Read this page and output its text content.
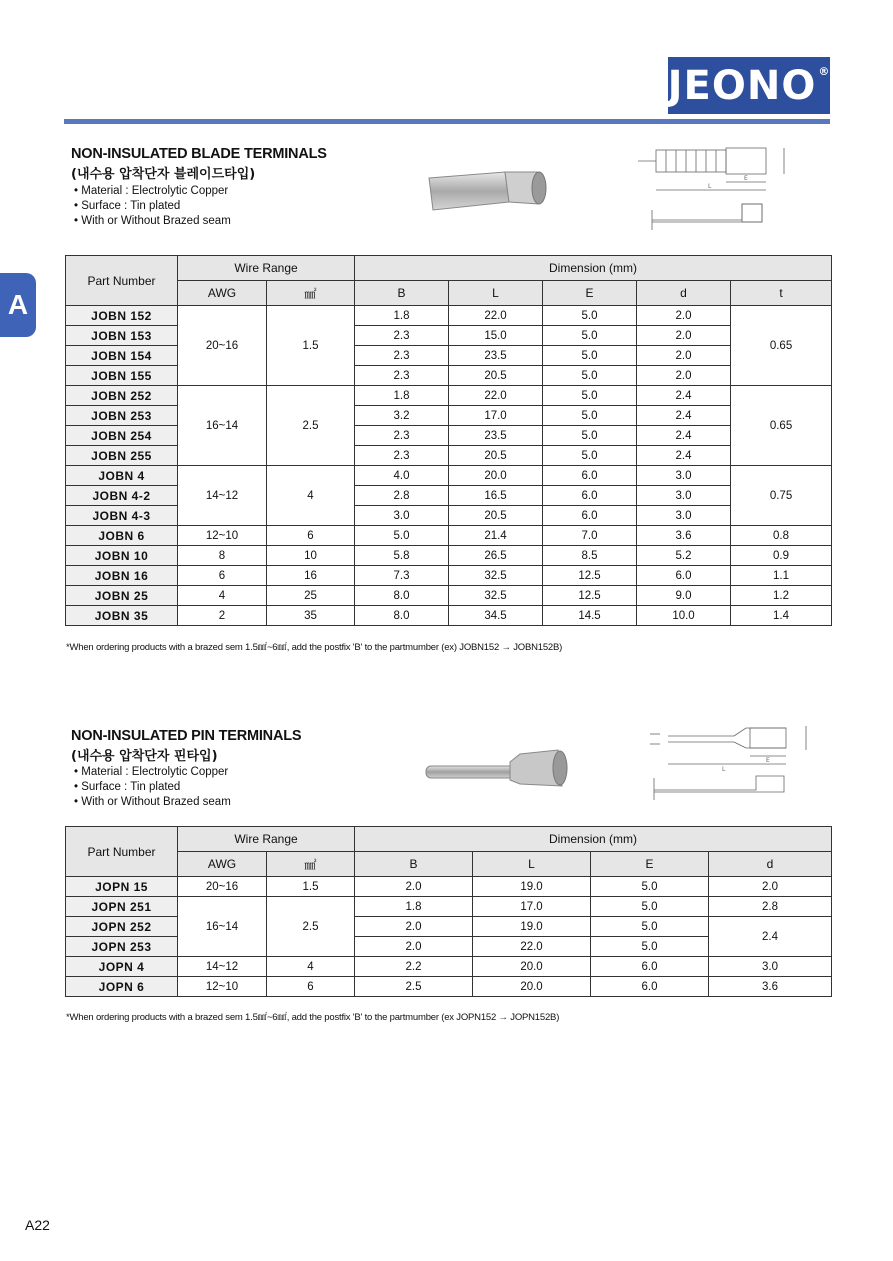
JEONO®
A
NON-INSULATED BLADE TERMINALS
(내수용 압착단자 블레이드타입)
• Material : Electrolytic Copper
• Surface : Tin plated
• With or Without Brazed seam
L
E
Part Number	Wire Range		Dimension (mm)				
	AWG	㎟	B	L	E	d	t
JOBN 152	20~16	1.5	1.8	22.0	5.0	2.0	0.65
JOBN 153			2.3	15.0	5.0	2.0	
JOBN 154			2.3	23.5	5.0	2.0	
JOBN 155			2.3	20.5	5.0	2.0	
JOBN 252	16~14	2.5	1.8	22.0	5.0	2.4	0.65
JOBN 253			3.2	17.0	5.0	2.4	
JOBN 254			2.3	23.5	5.0	2.4	
JOBN 255			2.3	20.5	5.0	2.4	
JOBN 4	14~12	4	4.0	20.0	6.0	3.0	0.75
JOBN 4-2			2.8	16.5	6.0	3.0	
JOBN 4-3			3.0	20.5	6.0	3.0	
JOBN 6	12~10	6	5.0	21.4	7.0	3.6	0.8
JOBN 10	8	10	5.8	26.5	8.5	5.2	0.9
JOBN 16	6	16	7.3	32.5	12.5	6.0	1.1
JOBN 25	4	25	8.0	32.5	12.5	9.0	1.2
JOBN 35	2	35	8.0	34.5	14.5	10.0	1.4
*When ordering products with a brazed sem 1.5㎟~6㎟, add the postfix 'B' to the partmumber (ex) JOBN152 → JOBN152B)
NON-INSULATED PIN TERMINALS
(내수용 압착단자 핀타입)
• Material : Electrolytic Copper
• Surface : Tin plated
• With or Without Brazed seam
L
E
Part Number	Wire Range		Dimension (mm)			
	AWG	㎟	B	L	E	d
JOPN 15	20~16	1.5	2.0	19.0	5.0	2.0
JOPN 251	16~14	2.5	1.8	17.0	5.0	2.8
JOPN 252			2.0	19.0	5.0	2.4
JOPN 253			2.0	22.0	5.0	
JOPN 4	14~12	4	2.2	20.0	6.0	3.0
JOPN 6	12~10	6	2.5	20.0	6.0	3.6
*When ordering products with a brazed sem 1.5㎟~6㎟, add the postfix 'B' to the partmumber (ex JOPN152 → JOPN152B)
A22
